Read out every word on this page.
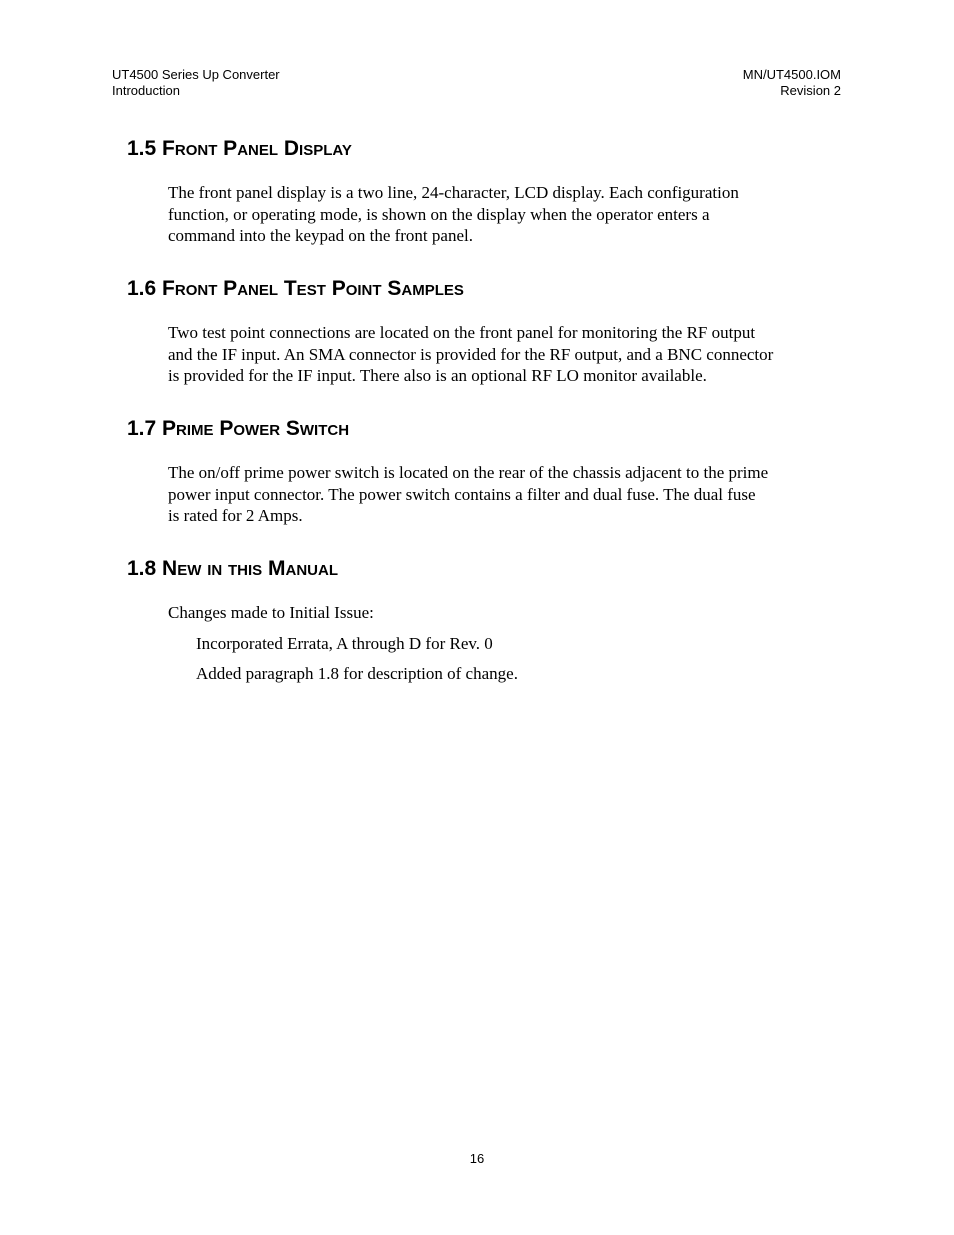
UT4500 Series Up Converter
Introduction
MN/UT4500.IOM
Revision 2
1.5 Front Panel Display
The front panel display is a two line, 24-character, LCD display. Each configuration
function, or operating mode, is shown on the display when the operator enters a
command into the keypad on the front panel.
1.6 Front Panel Test Point Samples
Two test point connections are located on the front panel for monitoring the RF output
and the IF input. An SMA connector is provided for the RF output, and a BNC connector
is provided for the IF input. There also is an optional RF LO monitor available.
1.7 Prime Power Switch
The on/off prime power switch is located on the rear of the chassis adjacent to the prime
power input connector. The power switch contains a filter and dual fuse. The dual fuse
is rated for 2 Amps.
1.8 New in this Manual
Changes made to Initial Issue:
Incorporated Errata, A through D for Rev. 0
Added paragraph 1.8 for description of change.
16
